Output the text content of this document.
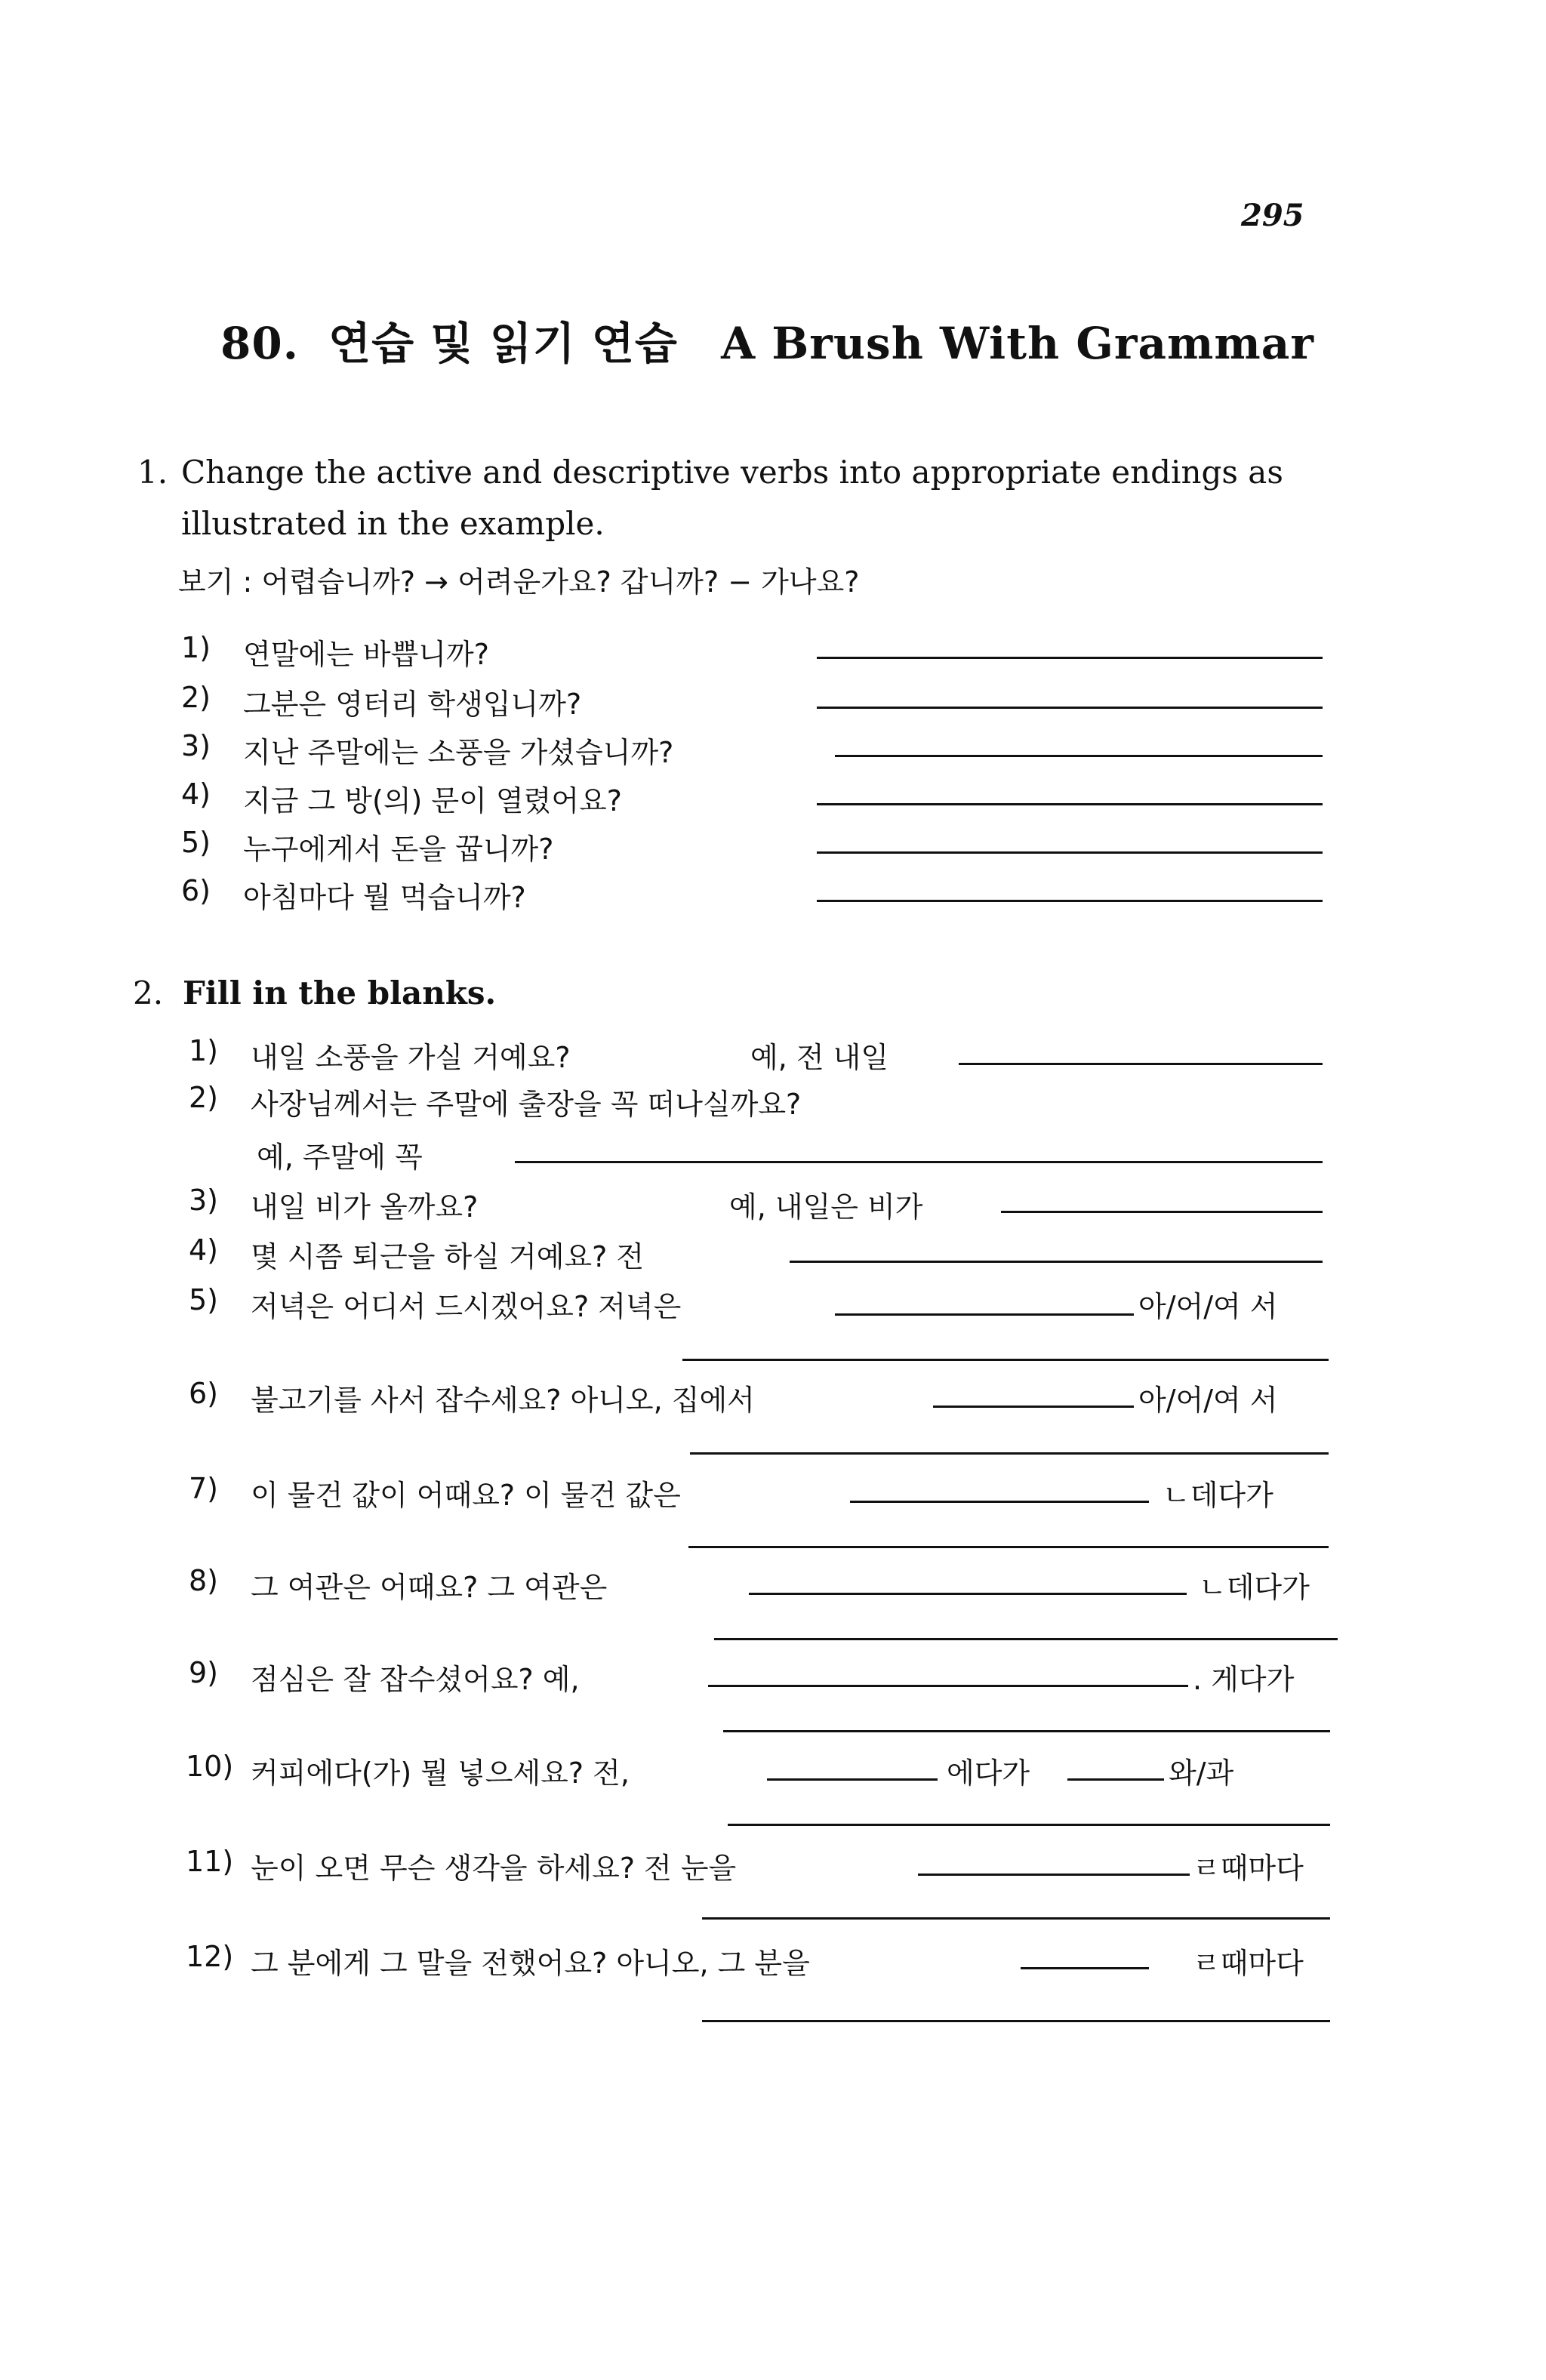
295
80. 연습 및 읽기 연습 A Brush With Grammar
1. Change the active and descriptive verbs into appropriate endings as
illustrated in the example.
보기 : 어렵습니까? → 어려운가요? 갑니까? − 가나요?
1) 연말에는 바쁩니까?
2) 그분은 영터리 학생입니까?
3) 지난 주말에는 소풍을 가셨습니까?
4) 지금 그 방(의) 문이 열렸어요?
5) 누구에게서 돈을 꿉니까?
6) 아침마다 뭘 먹습니까?
2. Fill in the blanks.
1) 내일 소풍을 가실 거예요?	예, 전 내일
2) 사장님께서는 주말에 출장을 꼭 떠나실까요?
예, 주말에 꼭
3) 내일 비가 올까요?	예, 내일은 비가
4) 몇 시쯤 퇴근을 하실 거예요? 전
5) 저녁은 어디서 드시겠어요? 저녁은	아/어/여 서
6) 불고기를 사서 잡수세요? 아니오, 집에서	아/어/여 서
7) 이 물건 값이 어때요? 이 물건 값은	ㄴ데다가
8) 그 여관은 어때요? 그 여관은	ㄴ데다가
9) 점심은 잘 잡수셨어요? 예,	. 게다가
10) 커피에다(가) 뭘 넣으세요? 전,	에다가	와/과
11) 눈이 오면 무슨 생각을 하세요? 전 눈을	ㄹ때마다
12) 그 분에게 그 말을 전했어요? 아니오, 그 분을	ㄹ때마다
